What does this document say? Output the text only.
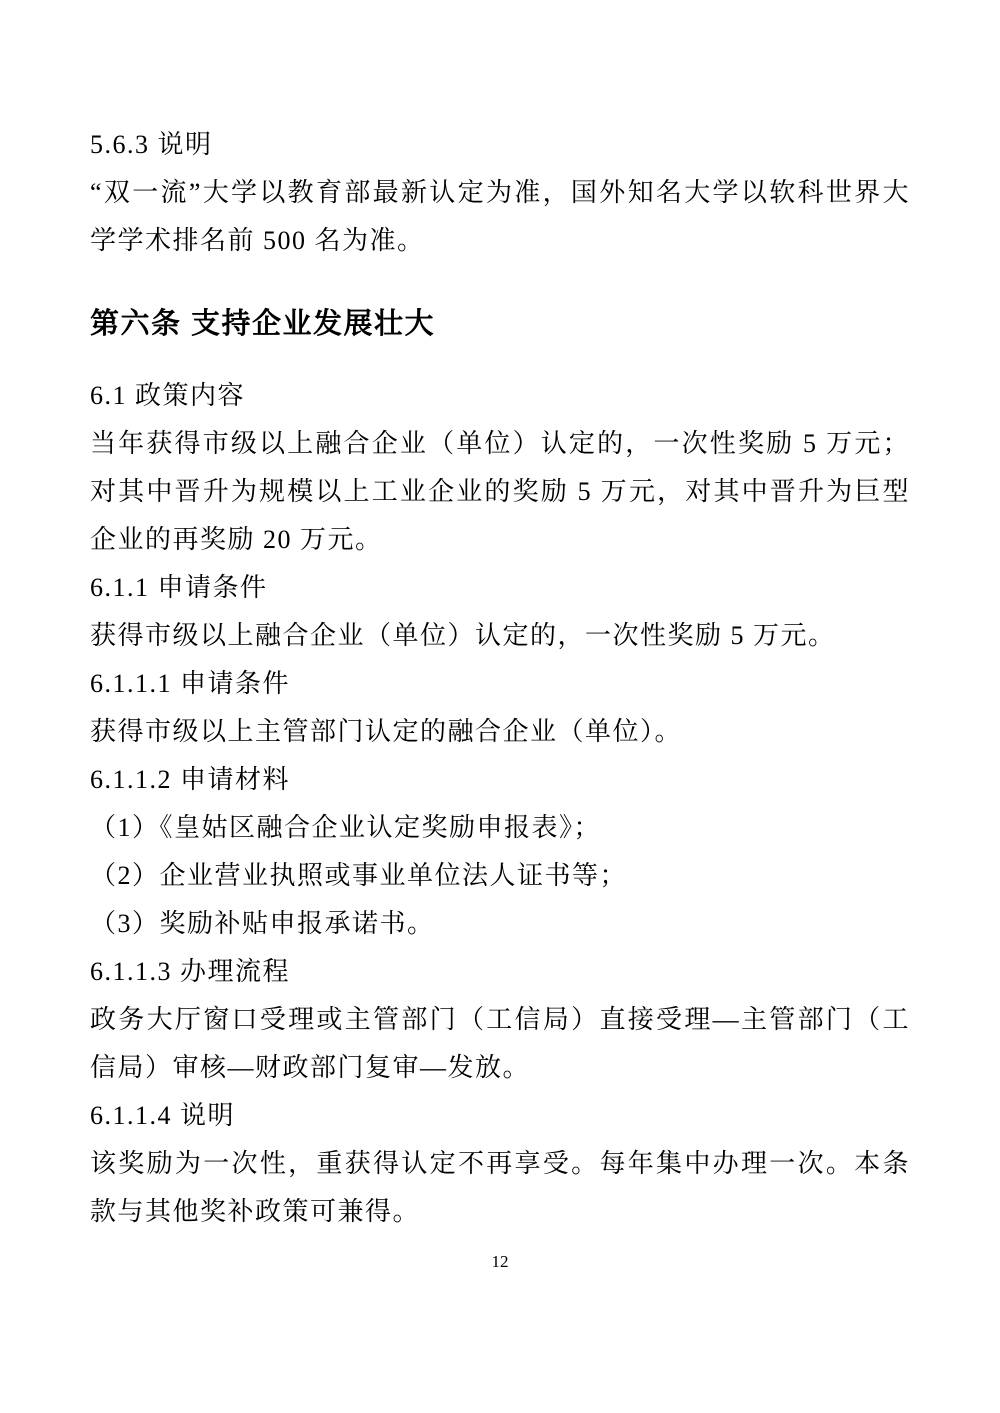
5.6.3 说明

“双一流”大学以教育部最新认定为准，国外知名大学以软科世界大学学术排名前 500 名为准。

第六条 支持企业发展壮大

6.1 政策内容

当年获得市级以上融合企业（单位）认定的，一次性奖励 5 万元；对其中晋升为规模以上工业企业的奖励 5 万元，对其中晋升为巨型企业的再奖励 20 万元。

6.1.1 申请条件

获得市级以上融合企业（单位）认定的，一次性奖励 5 万元。

6.1.1.1 申请条件

获得市级以上主管部门认定的融合企业（单位）。

6.1.1.2 申请材料

（1）《皇姑区融合企业认定奖励申报表》；

（2）企业营业执照或事业单位法人证书等；

（3）奖励补贴申报承诺书。

6.1.1.3 办理流程

政务大厅窗口受理或主管部门（工信局）直接受理—主管部门（工信局）审核—财政部门复审—发放。

6.1.1.4 说明

该奖励为一次性，重获得认定不再享受。每年集中办理一次。本条款与其他奖补政策可兼得。

12
